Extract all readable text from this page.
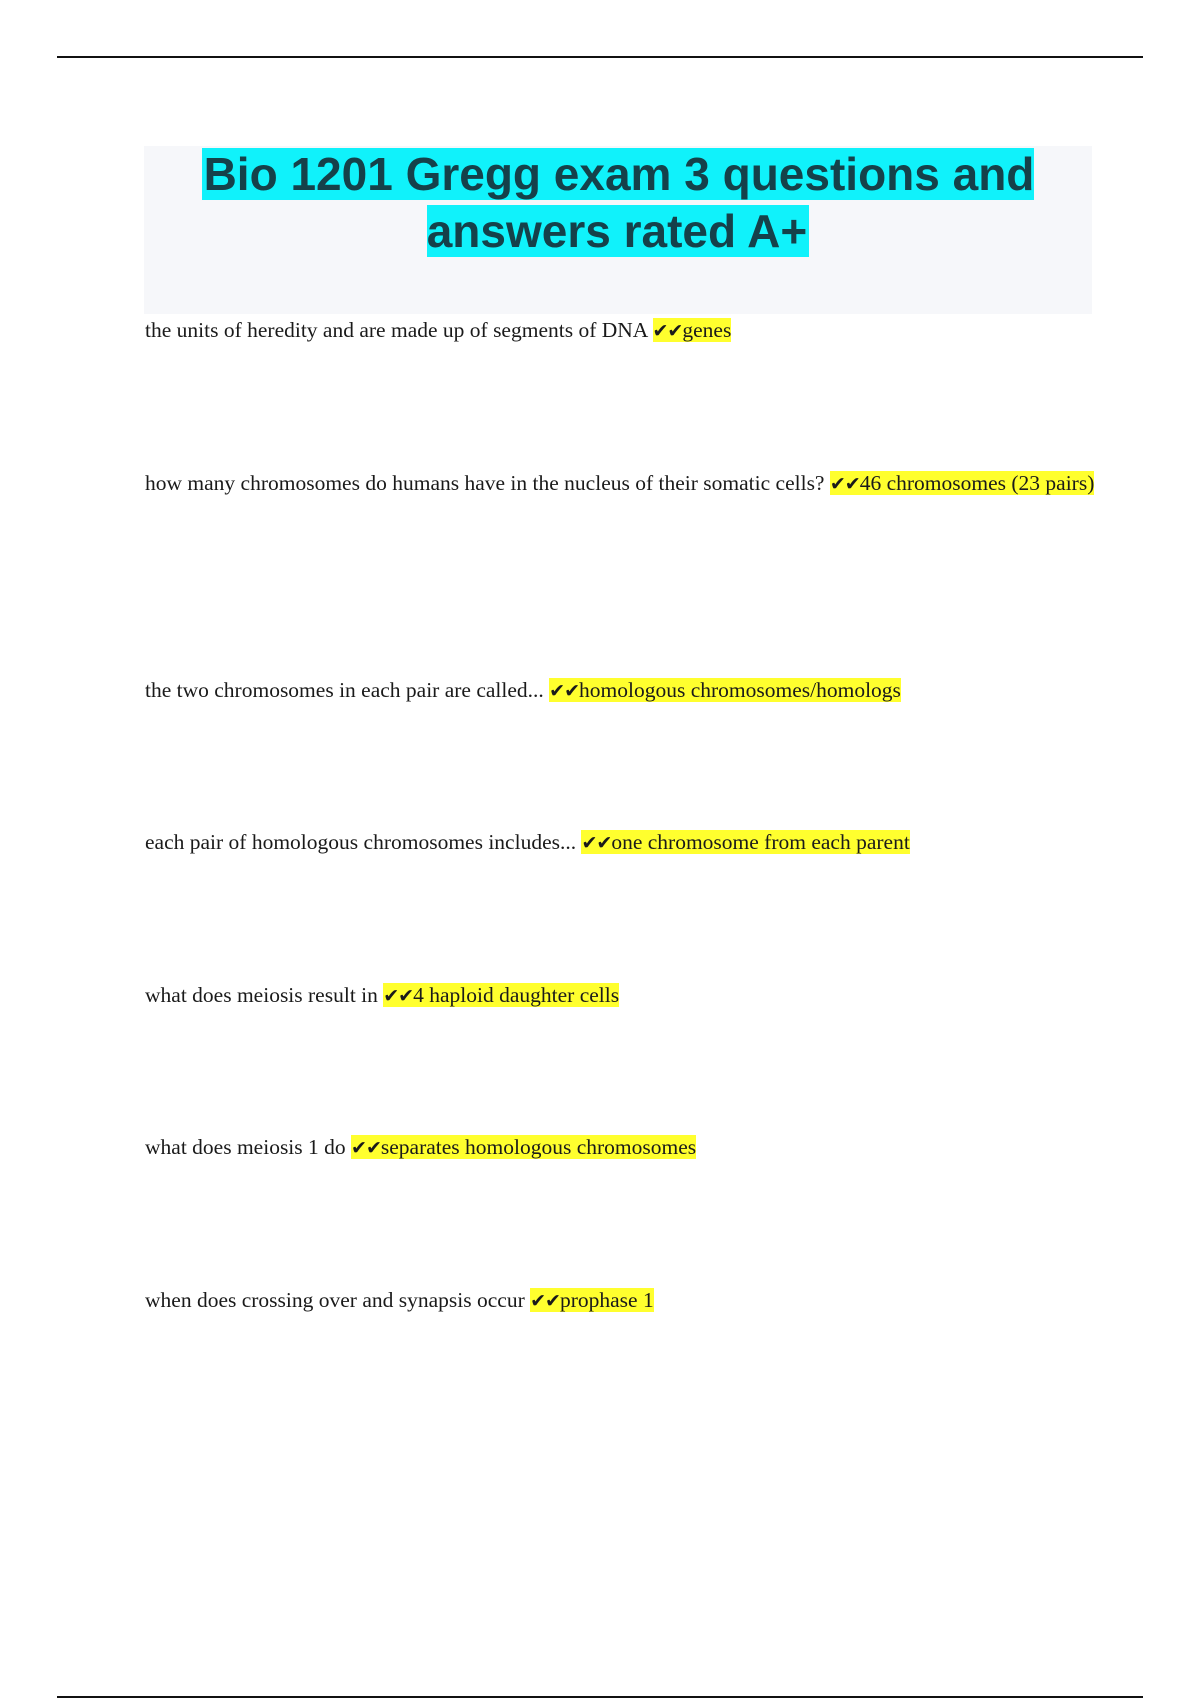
Bio 1201 Gregg exam 3 questions and answers rated A+

the units of heredity and are made up of segments of DNA ✔✔genes

how many chromosomes do humans have in the nucleus of their somatic cells? ✔✔46 chromosomes (23 pairs)

the two chromosomes in each pair are called... ✔✔homologous chromosomes/homologs

each pair of homologous chromosomes includes... ✔✔one chromosome from each parent

what does meiosis result in ✔✔4 haploid daughter cells

what does meiosis 1 do ✔✔separates homologous chromosomes

when does crossing over and synapsis occur ✔✔prophase 1
